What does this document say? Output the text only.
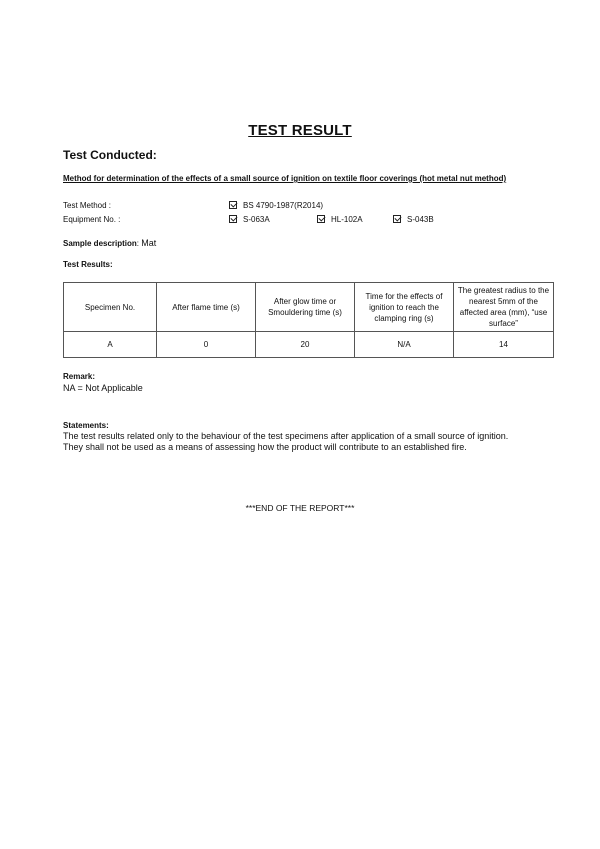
TEST RESULT
Test Conducted:
Method for determination of the effects of a small source of ignition on textile floor coverings (hot metal nut method)
Test Method :	BS 4790-1987(R2014)
Equipment No. :	S-063A	HL-102A	S-043B
Sample description: Mat
Test Results:
Specimen No.	After flame time (s)	After glow time or Smouldering time (s)	Time for the effects of ignition to reach the clamping ring (s)	The greatest radius to the nearest 5mm of the affected area (mm), “use surface”
A	0	20	N/A	14
Remark:
NA = Not Applicable
Statements:
The test results related only to the behaviour of the test specimens after application of a small source of ignition.
They shall not be used as a means of assessing how the product will contribute to an established fire.
***END OF THE REPORT***
